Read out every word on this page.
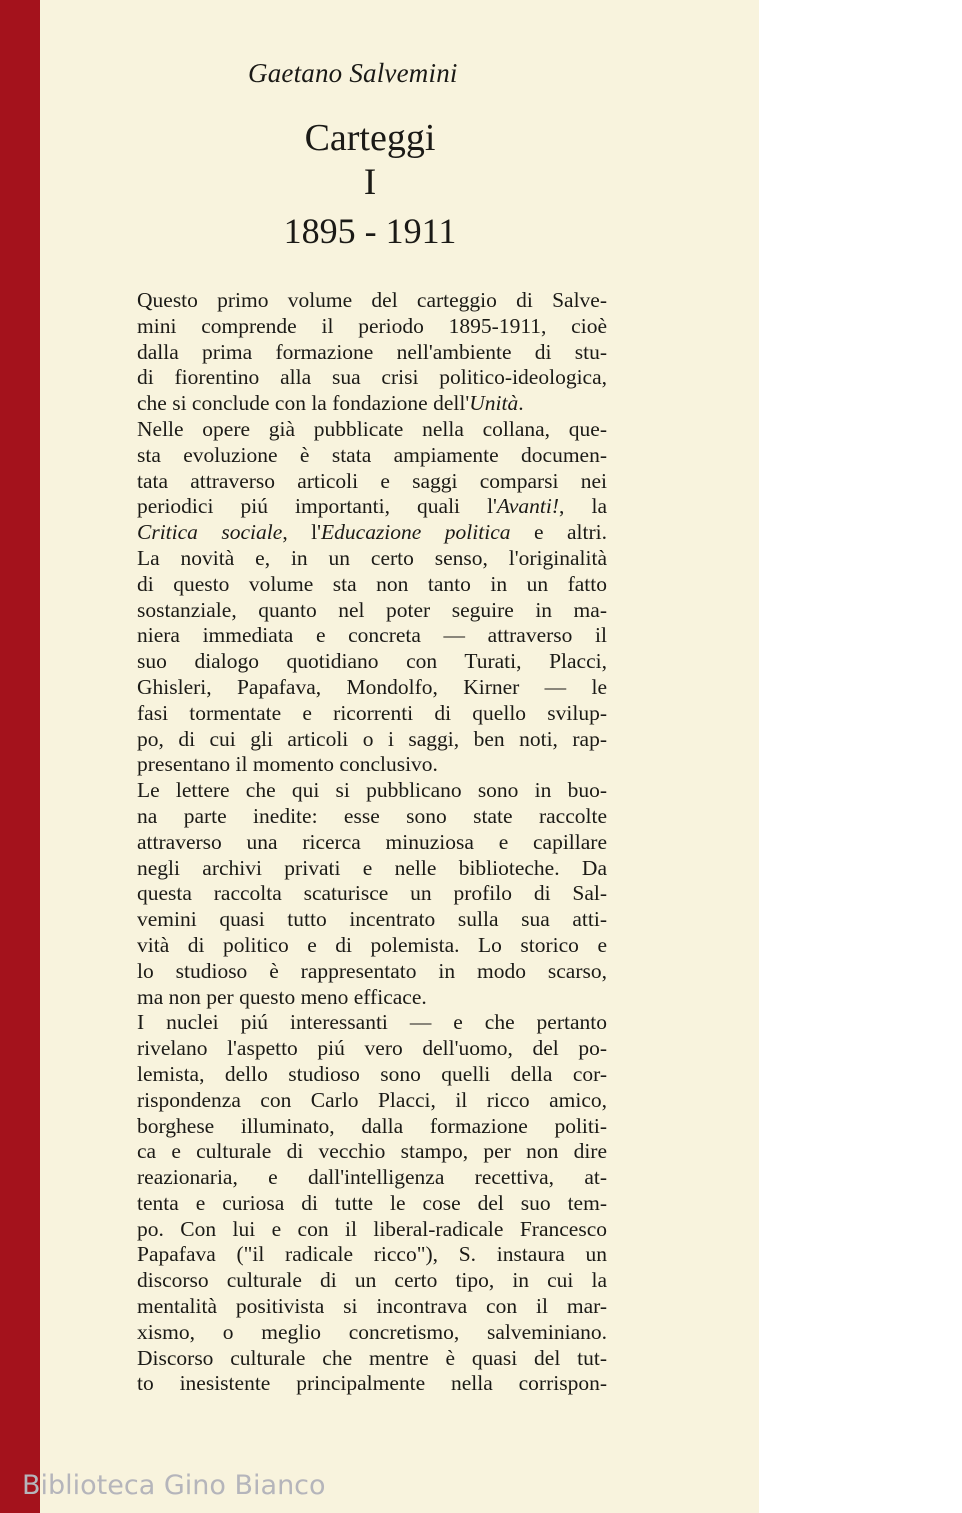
Gaetano Salvemini
Carteggi
I
1895 - 1911
Questo primo volume del carteggio di Salve-
mini comprende il periodo 1895-1911, cioè
dalla prima formazione nell'ambiente di stu-
di fiorentino alla sua crisi politico-ideologica,
che si conclude con la fondazione dell'Unità.
Nelle opere già pubblicate nella collana, que-
sta evoluzione è stata ampiamente documen-
tata attraverso articoli e saggi comparsi nei
periodici piú importanti, quali l'Avanti!, la
Critica sociale, l'Educazione politica e altri.
La novità e, in un certo senso, l'originalità
di questo volume sta non tanto in un fatto
sostanziale, quanto nel poter seguire in ma-
niera immediata e concreta — attraverso il
suo dialogo quotidiano con Turati, Placci,
Ghisleri, Papafava, Mondolfo, Kirner — le
fasi tormentate e ricorrenti di quello svilup-
po, di cui gli articoli o i saggi, ben noti, rap-
presentano il momento conclusivo.
Le lettere che qui si pubblicano sono in buo-
na parte inedite: esse sono state raccolte
attraverso una ricerca minuziosa e capillare
negli archivi privati e nelle biblioteche. Da
questa raccolta scaturisce un profilo di Sal-
vemini quasi tutto incentrato sulla sua atti-
vità di politico e di polemista. Lo storico e
lo studioso è rappresentato in modo scarso,
ma non per questo meno efficace.
I nuclei piú interessanti — e che pertanto
rivelano l'aspetto piú vero dell'uomo, del po-
lemista, dello studioso sono quelli della cor-
rispondenza con Carlo Placci, il ricco amico,
borghese illuminato, dalla formazione politi-
ca e culturale di vecchio stampo, per non dire
reazionaria, e dall'intelligenza recettiva, at-
tenta e curiosa di tutte le cose del suo tem-
po. Con lui e con il liberal-radicale Francesco
Papafava ("il radicale ricco"), S. instaura un
discorso culturale di un certo tipo, in cui la
mentalità positivista si incontrava con il mar-
xismo, o meglio concretismo, salveminiano.
Discorso culturale che mentre è quasi del tut-
to inesistente principalmente nella corrispon-
Biblioteca Gino Bianco
